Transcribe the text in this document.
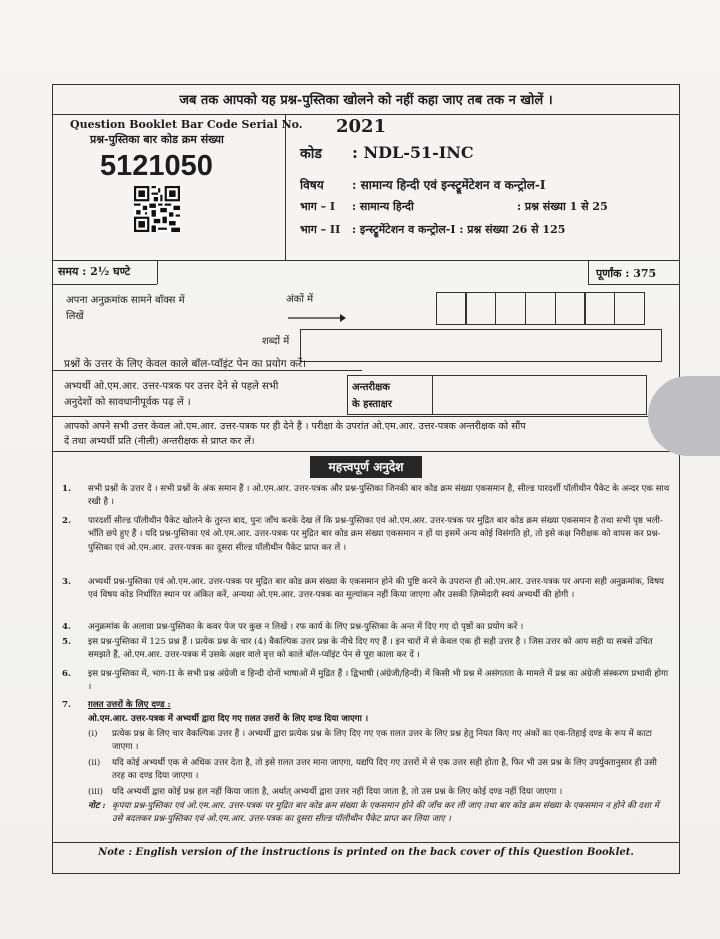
जब तक आपको यह प्रश्न-पुस्तिका खोलने को नहीं कहा जाए तब तक न खोलें ।
Question Booklet Bar Code Serial No.
प्रश्न-पुस्तिका बार कोड क्रम संख्या
5121050
2021
कोड : NDL-51-INC
विषय : सामान्य हिन्दी एवं इन्स्ट्रूमेंटेशन व कन्ट्रोल-I
भाग – I : सामान्य हिन्दी	: प्रश्न संख्या 1 से 25
भाग – II : इन्स्ट्रूमेंटेशन व कन्ट्रोल-I : प्रश्न संख्या 26 से 125
समय : 2½ घण्टे	पूर्णांक : 375
अपना अनुक्रमांक सामने बॉक्स में
लिखें
अंकों में
शब्दों में
प्रश्नों के उत्तर के लिए केवल काले बॉल-प्वॉइंट पेन का प्रयोग करें।
अभ्यर्थी ओ.एम.आर. उत्तर-पत्रक पर उत्तर देने से पहले सभी
अनुदेशों को सावधानीपूर्वक पढ़ लें ।
अन्तरीक्षक
के हस्ताक्षर
आपको अपने सभी उत्तर केवल ओ.एम.आर. उत्तर-पत्रक पर ही देने हैं । परीक्षा के उपरांत ओ.एम.आर. उत्तर-पत्रक अन्तरीक्षक को सौंप
दें तथा अभ्यर्थी प्रति (नीली) अन्तरीक्षक से प्राप्त कर लें।
महत्त्वपूर्ण अनुदेश
1. सभी प्रश्नों के उत्तर दें । सभी प्रश्नों के अंक समान हैं । ओ.एम.आर. उत्तर-पत्रक और प्रश्न-पुस्तिका जिनकी बार कोड क्रम संख्या एकसमान है, सील्ड पारदर्शी पॉलीथीन पैकेट के अन्दर एक साथ रखी है ।
2. पारदर्शी सील्ड पॉलीथीन पैकेट खोलने के तुरन्त बाद, पुनः जाँच करके देख लें कि प्रश्न-पुस्तिका एवं ओ.एम.आर. उत्तर-पत्रक पर मुद्रित बार कोड क्रम संख्या एकसमान है तथा सभी पृष्ठ भली-भाँति छपे हुए हैं । यदि प्रश्न-पुस्तिका एवं ओ.एम.आर. उत्तर-पत्रक पर मुद्रित बार कोड क्रम संख्या एकसमान न हों या इसमें अन्य कोई विसंगति हो, तो इसे कक्ष निरीक्षक को वापस कर प्रश्न-पुस्तिका एवं ओ.एम.आर. उत्तर-पत्रक का दूसरा सील्ड पॉलीथीन पैकेट प्राप्त कर लें ।
3. अभ्यर्थी प्रश्न-पुस्तिका एवं ओ.एम.आर. उत्तर-पत्रक पर मुद्रित बार कोड क्रम संख्या के एकसमान होने की पुष्टि करने के उपरान्त ही ओ.एम.आर. उत्तर-पत्रक पर अपना सही अनुक्रमांक, विषय एवं विषय कोड निर्धारित स्थान पर अंकित करें, अन्यथा ओ.एम.आर. उत्तर-पत्रक का मूल्यांकन नहीं किया जाएगा और उसकी ज़िम्मेदारी स्वयं अभ्यर्थी की होगी ।
4. अनुक्रमांक के अलावा प्रश्न-पुस्तिका के कवर पेज पर कुछ न लिखें । रफ कार्य के लिए प्रश्न-पुस्तिका के अन्त में दिए गए दो पृष्ठों का प्रयोग करें ।
5. इस प्रश्न-पुस्तिका में 125 प्रश्न हैं । प्रत्येक प्रश्न के चार (4) वैकल्पिक उत्तर प्रश्न के नीचे दिए गए हैं । इन चारों में से केवल एक ही सही उत्तर है । जिस उत्तर को आप सही या सबसे उचित समझते हैं, ओ.एम.आर. उत्तर-पत्रक में उसके अक्षर वाले वृत्त को काले बॉल-प्वॉइंट पेन से पूरा काला कर दें ।
6. इस प्रश्न-पुस्तिका में, भाग-II के सभी प्रश्न अंग्रेजी व हिन्दी दोनों भाषाओं में मुद्रित हैं । द्विभाषी (अंग्रेजी/हिन्दी) में किसी भी प्रश्न में असंगतता के मामले में प्रश्न का अंग्रेजी संस्करण प्रभावी होगा ।
7. ग़लत उत्तरों के लिए दण्ड :
ओ.एम.आर. उत्तर-पत्रक में अभ्यर्थी द्वारा दिए गए ग़लत उत्तरों के लिए दण्ड दिया जाएगा ।
(i) प्रत्येक प्रश्न के लिए चार वैकल्पिक उत्तर हैं । अभ्यर्थी द्वारा प्रत्येक प्रश्न के लिए दिए गए एक ग़लत उत्तर के लिए प्रश्न हेतु नियत किए गए अंकों का एक-तिहाई दण्ड के रूप में काटा जाएगा ।
(ii) यदि कोई अभ्यर्थी एक से अधिक उत्तर देता है, तो इसे ग़लत उत्तर माना जाएगा, यद्यपि दिए गए उत्तरों में से एक उत्तर सही होता है, फिर भी उस प्रश्न के लिए उपर्युक्तानुसार ही उसी तरह का दण्ड दिया जाएगा ।
(iii) यदि अभ्यर्थी द्वारा कोई प्रश्न हल नहीं किया जाता है, अर्थात् अभ्यर्थी द्वारा उत्तर नहीं दिया जाता है, तो उस प्रश्न के लिए कोई दण्ड नहीं दिया जाएगा ।
नोट : कृपया प्रश्न-पुस्तिका एवं ओ.एम.आर. उत्तर-पत्रक पर मुद्रित बार कोड क्रम संख्या के एकसमान होने की जाँच कर ली जाए तथा बार कोड क्रम संख्या के एकसमान न होने की दशा में उसे बदलकर प्रश्न-पुस्तिका एवं ओ.एम.आर. उत्तर-पत्रक का दूसरा सील्ड पॉलीथीन पैकेट प्राप्त कर लिया जाए ।
Note : English version of the instructions is printed on the back cover of this Question Booklet.
